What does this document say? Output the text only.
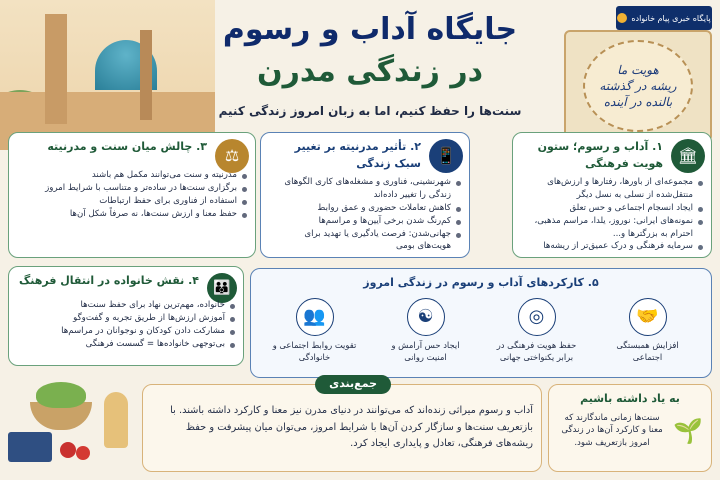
پایگاه خبری پیام خانواده
هویت ما
ریشه در گذشته
بالنده در آینده
جایگاه آداب و رسوم
در زندگی مدرن
سنت‌ها را حفظ کنیم، اما به زبان امروز زندگی کنیم
🏛
۱. آداب و رسوم؛ ستون هویت فرهنگی
مجموعه‌ای از باورها، رفتارها و ارزش‌های منتقل‌شده از نسلی به نسل دیگر
ایجاد انسجام اجتماعی و حس تعلق
نمونه‌های ایرانی: نوروز، یلدا، مراسم مذهبی، احترام به بزرگترها و...
سرمایه فرهنگی و درک عمیق‌تر از ریشه‌ها
📱
۲. تأثیر مدرنیته بر تغییر سبک زندگی
شهرنشینی، فناوری و مشغله‌های کاری الگوهای زندگی را تغییر داده‌اند
کاهش تعاملات حضوری و عمق روابط
کم‌رنگ شدن برخی آیین‌ها و مراسم‌ها
جهانی‌شدن: فرصت یادگیری یا تهدید برای هویت‌های بومی
⚖
۳. چالش میان سنت و مدرنیته
مدرنیته و سنت می‌توانند مکمل هم باشند
برگزاری سنت‌ها در ساده‌تر و متناسب با شرایط امروز
استفاده از فناوری برای حفظ ارتباطات
حفظ معنا و ارزش سنت‌ها، نه صرفاً شکل آن‌ها
👪
۴. نقش خانواده در انتقال فرهنگ
خانواده، مهم‌ترین نهاد برای حفظ سنت‌ها
آموزش ارزش‌ها از طریق تجربه و گفت‌وگو
مشارکت دادن کودکان و نوجوانان در مراسم‌ها
بی‌توجهی خانواده‌ها = گسست فرهنگی
۵. کارکردهای آداب و رسوم در زندگی امروز
🤝
افزایش همبستگی اجتماعی
◎
حفظ هویت فرهنگی در برابر یکنواختی جهانی
☯
ایجاد حس آرامش و امنیت روانی
👥
تقویت روابط اجتماعی و خانوادگی
جمع‌بندی

آداب و رسوم میراثی زنده‌اند که می‌توانند در دنیای مدرن نیز معنا و کارکرد داشته باشند. با بازتعریف سنت‌ها و سازگار کردن آن‌ها با شرایط امروز، می‌توان میان پیشرفت و حفظ ریشه‌های فرهنگی، تعادل و پایداری ایجاد کرد.

به یاد داشته باشیم
🌱
سنت‌ها زمانی ماندگارند که معنا و کارکرد آن‌ها در زندگی امروز بازتعریف شود.
